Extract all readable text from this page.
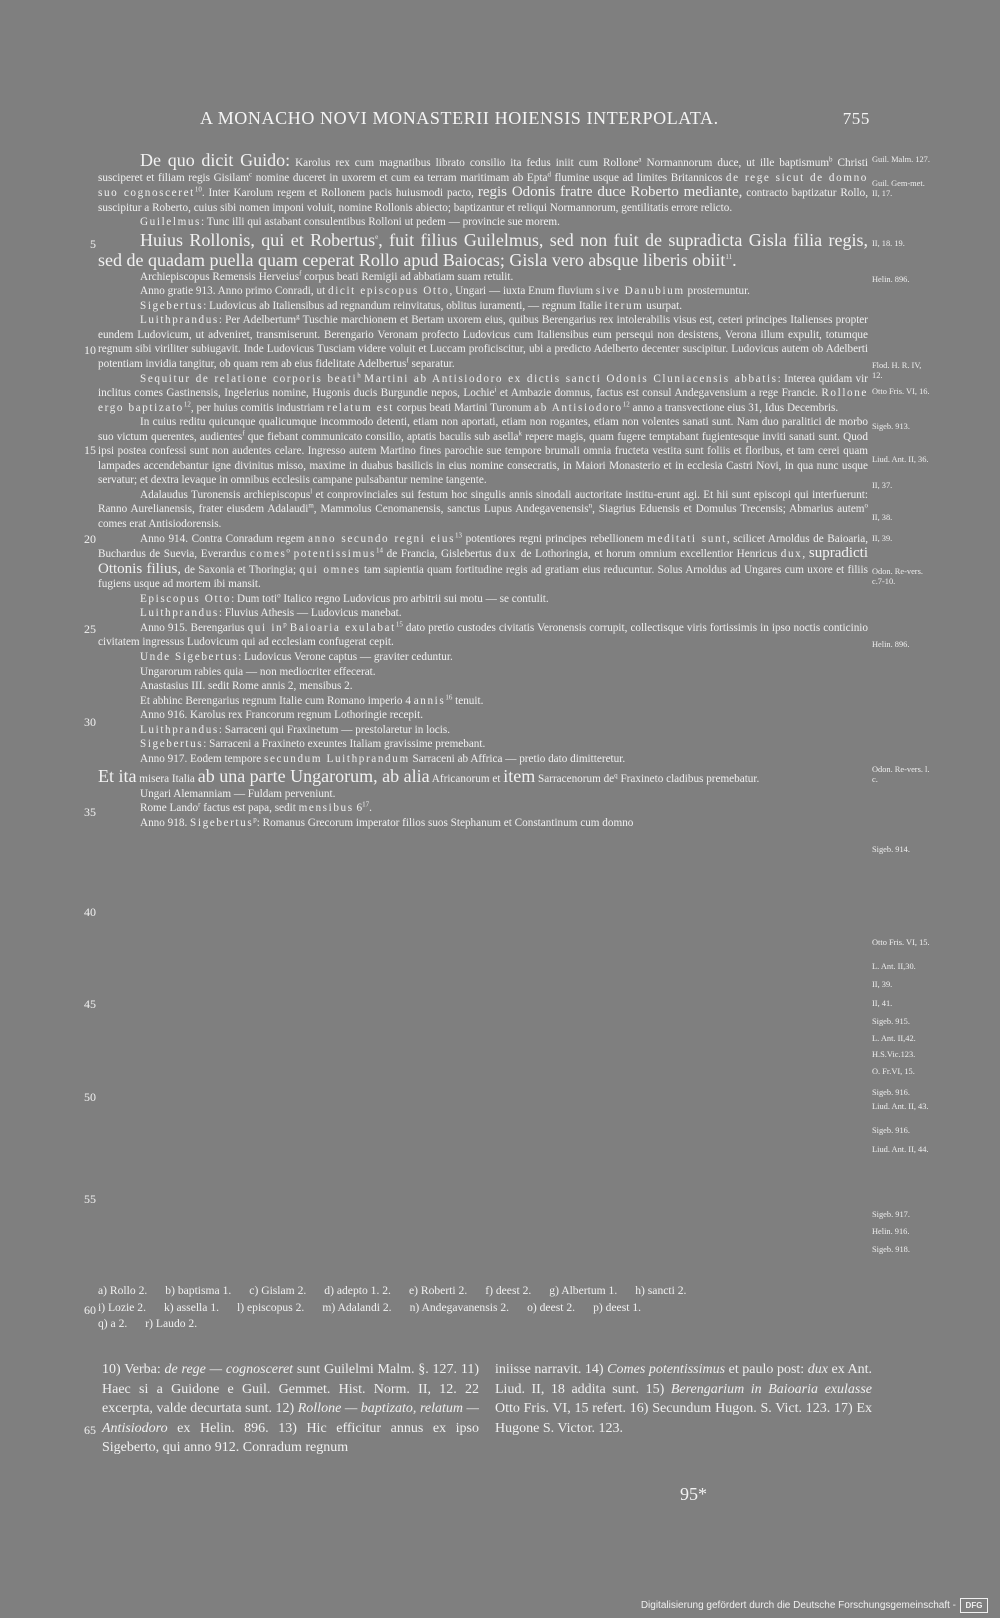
A MONACHO NOVI MONASTERII HOIENSIS INTERPOLATA.	755

De quo dicit Guido: Karolus rex cum magnatibus librato consilio ita fedus iniit cum Rollone$^a$ Normannorum duce, ut ille baptismum$^b$ Christi susciperet et filiam regis Gisilam$^c$ nomine duceret in uxorem et cum ea terram maritimam ab Epta$^d$ flumine usque ad limites Britannicos de rege sicut de domno suo cognosceret$^{10}$. Inter Karolum regem et Rollonem pacis huiusmodi pacto, regis Odonis fratre duce Roberto mediante, contracto baptizatur Rollo, suscipitur a Roberto, cuius sibi nomen imponi voluit, nomine Rollonis abiecto; baptizantur et reliqui Normannorum, gentilitatis errore relicto.

Guilelmus: Tunc illi qui astabant consulentibus Rolloni ut pedem — provincie sue morem.

Huius Rollonis, qui et Robertus$^e$, fuit filius Guilelmus, sed non fuit de supradicta Gisla filia regis, sed de quadam puella quam ceperat Rollo apud Baiocas; Gisla vero absque liberis obiit$^{11}$.

Archiepiscopus Remensis Herveius$^f$ corpus beati Remigii ad abbatiam suam retulit.

Anno gratie 913. Anno primo Conradi, ut dicit episcopus Otto, Ungari — iuxta Enum fluvium sive Danubium prosternuntur.

Sigebertus: Ludovicus ab Italiensibus ad regnandum reinvitatus, oblitus iuramenti, — regnum Italie iterum usurpat.

Luithprandus: Per Adelbertum$^g$ Tuschie marchionem et Bertam uxorem eius, quibus Berengarius rex intolerabilis visus est, ceteri principes Italienses propter eundem Ludovicum, ut adveniret, transmiserunt. Berengario Veronam profecto Ludovicus cum Italiensibus eum persequi non desistens, Verona illum expulit, totumque regnum sibi viriliter subiugavit. Inde Ludovicus Tusciam videre voluit et Luccam proficiscitur, ubi a predicto Adelberto decenter suscipitur. Ludovicus autem ob Adelberti potentiam invidia tangitur, ob quam rem ab eius fidelitate Adelbertus$^f$ separatur.

Sequitur de relatione corporis beati$^h$ Martini ab Antisiodoro ex dictis sancti Odonis Cluniacensis abbatis: Interea quidam vir inclitus comes Gastinensis, Ingelerius nomine, Hugonis ducis Burgundie nepos, Lochie$^i$ et Ambazie domnus, factus est consul Andegavensium a rege Francie. Rollone ergo baptizato$^{12}$, per huius comitis industriam relatum est corpus beati Martini Turonum ab Antisiodoro$^{12}$ anno a transvectione eius 31, Idus Decembris.

In cuius reditu quicunque qualicumque incommodo detenti, etiam non aportati, etiam non rogantes, etiam non volentes sanati sunt. Nam duo paralitici de morbo suo victum querentes, audientes$^f$ que fiebant communicato consilio, aptatis baculis sub asella$^k$ repere magis, quam fugere temptabant fugientesque inviti sanati sunt. Quod ipsi postea confessi sunt non audentes celare. Ingresso autem Martino fines parochie sue tempore brumali omnia fructeta vestita sunt foliis et floribus, et tam cerei quam lampades accendebantur igne divinitus misso, maxime in duabus basilicis in eius nomine consecratis, in Maiori Monasterio et in ecclesia Castri Novi, in qua nunc usque servatur; et dextra levaque in omnibus ecclesiis campane pulsabantur nemine tangente.

Adalaudus Turonensis archiepiscopus$^l$ et conprovinciales sui festum hoc singulis annis sinodali auctoritate institu-erunt agi. Et hii sunt episcopi qui interfuerunt: Ranno Aurelianensis, frater eiusdem Adalaudi$^m$, Mammolus Cenomanensis, sanctus Lupus Andegavenensis$^n$, Siagrius Eduensis et Domulus Trecensis; Abmarius autem$^o$ comes erat Antisiodorensis.

Anno 914. Contra Conradum regem anno secundo regni eius$^{13}$ potentiores regni principes rebellionem meditati sunt, scilicet Arnoldus de Baioaria, Buchardus de Suevia, Everardus comes$^o$ potentissimus$^{14}$ de Francia, Gislebertus dux de Lothoringia, et horum omnium excellentior Henricus dux, supradicti Ottonis filius, de Saxonia et Thoringia; qui omnes tam sapientia quam fortitudine regis ad gratiam eius reducuntur. Solus Arnoldus ad Ungares cum uxore et filiis fugiens usque ad mortem ibi mansit.

Episcopus Otto: Dum toti$^o$ Italico regno Ludovicus pro arbitrii sui motu — se contulit.

Luithprandus: Fluvius Athesis — Ludovicus manebat.

Anno 915. Berengarius qui $in^p$ Baioaria exulabat$^{15}$ dato pretio custodes civitatis Veronensis corrupit, collectisque viris fortissimis in ipso noctis conticinio civitatem ingressus Ludovicum qui ad ecclesiam confugerat cepit.

Unde Sigebertus: Ludovicus Verone captus — graviter ceduntur.

Ungarorum rabies quia — non mediocriter effecerat.

Anastasius III. sedit Rome annis 2, mensibus 2.

Et abhinc Berengarius regnum Italie cum Romano imperio 4 annis$^{16}$ tenuit.

Anno 916. Karolus rex Francorum regnum Lothoringie recepit.

Luithprandus: Sarraceni qui Fraxinetum — prestolaretur in locis.

Sigebertus: Sarraceni a Fraxineto exeuntes Italiam gravissime premebant.

Anno 917. Eodem tempore secundum Luithprandum Sarraceni ab Affrica — pretio dato dimitteretur.

Et ita misera Italia ab una parte Ungarorum, ab alia Africanorum et item Sarracenorum $de^q$ Fraxineto cladibus premebatur.

Ungari Alemanniam — Fuldam perveniunt.

Rome Lando$^r$ factus est papa, sedit mensibus $6^{17}$.

Anno 918. Sigebertus$^p$: Romanus Grecorum imperator filios suos Stephanum et Constantinum cum domno

5
10
15
20
25
30
35
40
45
50
55
60
65
Guil. Malm. 127.
Guil. Gem-met. II, 17.
II, 18. 19.
Helin. 896.
Flod. H. R. IV, 12.
Otto Fris. VI, 16.
Sigeb. 913.
Liud. Ant. II, 36.
II, 37.
II, 38.
II, 39.
Odon. Re-vers. c.7-10.
Helin. 896.
Odon. Re-vers. l. c.
Sigeb. 914.
Otto Fris. VI, 15.
L. Ant. II,30.
II, 39.
II, 41.
Sigeb. 915.
L. Ant. II,42.
H.S.Vic.123.
O. Fr.VI, 15.
Sigeb. 916.
Liud. Ant. II, 43.
Sigeb. 916.
Liud. Ant. II, 44.
Sigeb. 917.
Helin. 916.
Sigeb. 918.
a) Rollo 2. b) baptisma 1. c) Gislam 2. d) adepto 1. 2. e) Roberti 2. f) deest 2. g) Albertum 1. h) sancti 2.
i) Lozie 2. k) assella 1. l) episcopus 2. m) Adalandi 2. n) Andegavanensis 2. o) deest 2. p) deest 1.
q) a 2. r) Laudo 2.
10) Verba: de rege — cognosceret sunt Guilelmi Malm. §. 127. 11) Haec si a Guidone e Guil. Gemmet. Hist. Norm. II, 12. 22 excerpta, valde decurtata sunt. 12) Rollone — baptizato, relatum — Antisiodoro ex Helin. 896. 13) Hic efficitur annus ex ipso Sigeberto, qui anno 912. Conradum regnum
iniisse narravit. 14) Comes potentissimus et paulo post: dux ex Ant. Liud. II, 18 addita sunt. 15) Berengarium in Baioaria exulasse Otto Fris. VI, 15 refert. 16) Secundum Hugon. S. Vict. 123. 17) Ex Hugone S. Victor. 123.
95*
Digitalisierung gefördert durch die Deutsche Forschungsgemeinschaft -	DFG
